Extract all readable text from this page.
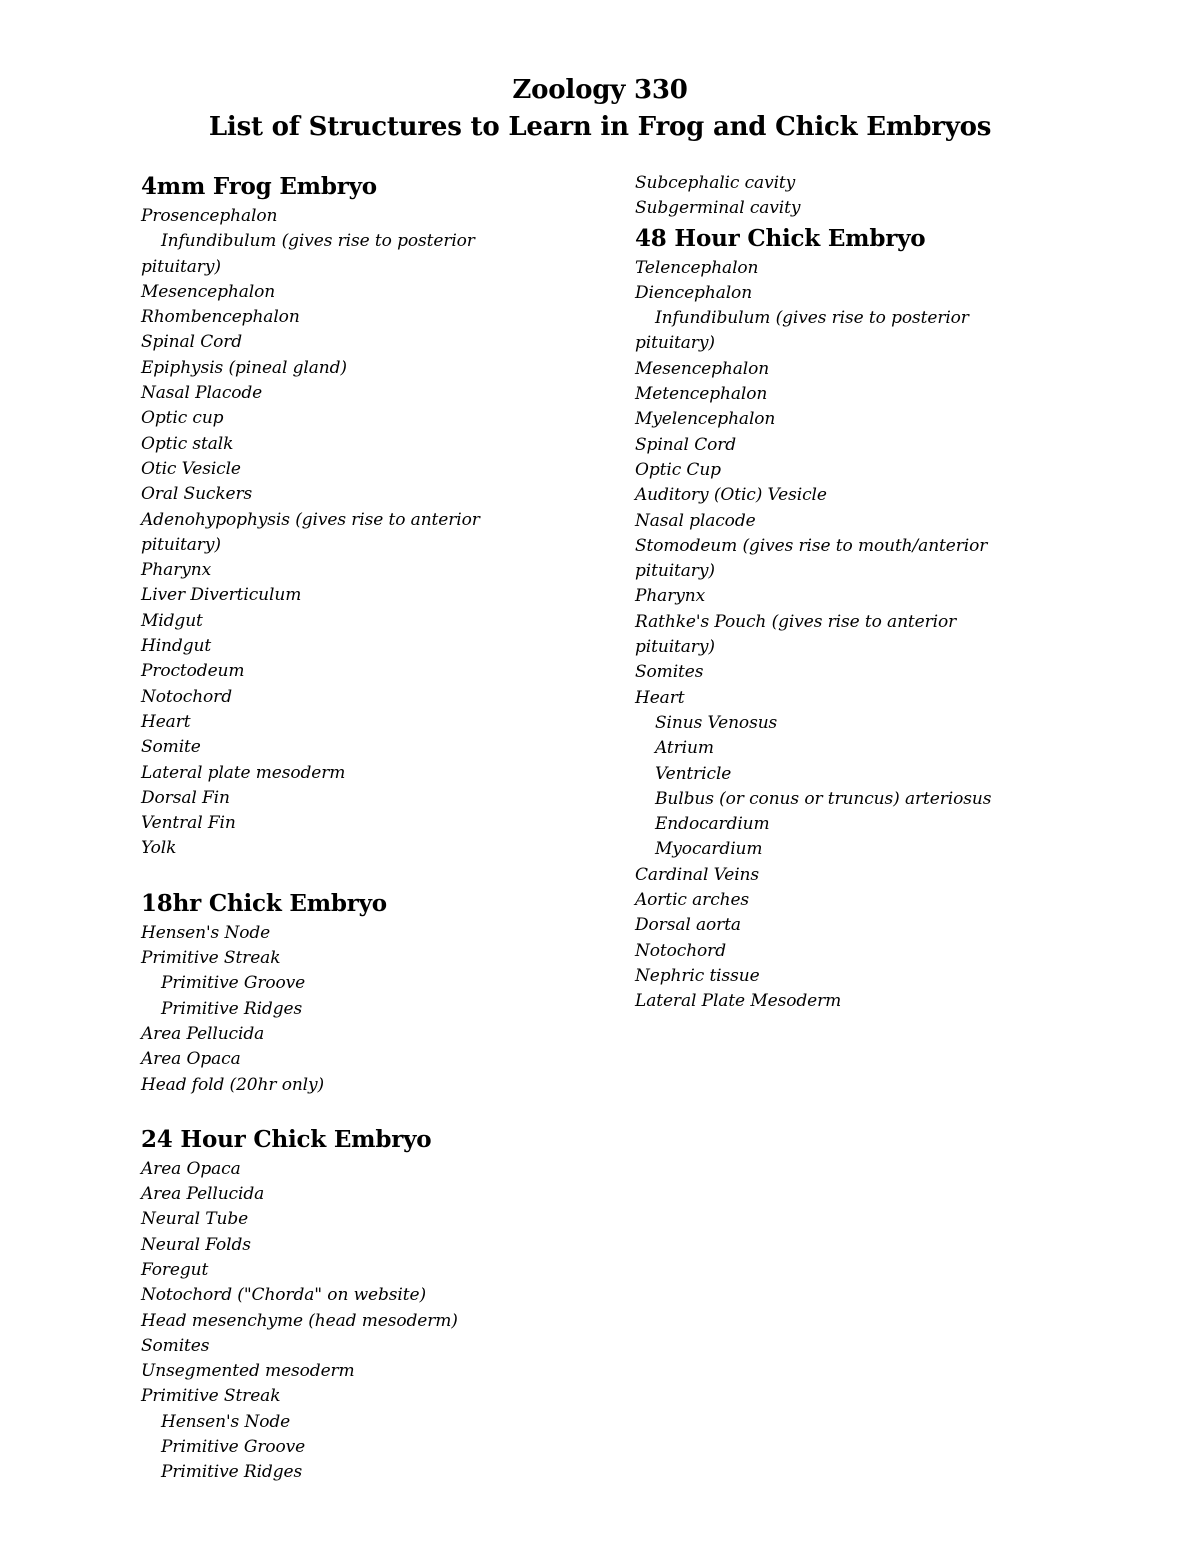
Zoology 330
List of Structures to Learn in Frog and Chick Embryos
4mm Frog Embryo
Prosencephalon
Infundibulum (gives rise to posterior
pituitary)
Mesencephalon
Rhombencephalon
Spinal Cord
Epiphysis (pineal gland)
Nasal Placode
Optic cup
Optic stalk
Otic Vesicle
Oral Suckers
Adenohypophysis (gives rise to anterior
pituitary)
Pharynx
Liver Diverticulum
Midgut
Hindgut
Proctodeum
Notochord
Heart
Somite
Lateral plate mesoderm
Dorsal Fin
Ventral Fin
Yolk
18hr Chick Embryo
Hensen's Node
Primitive Streak
Primitive Groove
Primitive Ridges
Area Pellucida
Area Opaca
Head fold (20hr only)
24 Hour Chick Embryo
Area Opaca
Area Pellucida
Neural Tube
Neural Folds
Foregut
Notochord ("Chorda" on website)
Head mesenchyme (head mesoderm)
Somites
Unsegmented mesoderm
Primitive Streak
Hensen's Node
Primitive Groove
Primitive Ridges
Subcephalic cavity
Subgerminal cavity
48 Hour Chick Embryo
Telencephalon
Diencephalon
Infundibulum (gives rise to posterior
pituitary)
Mesencephalon
Metencephalon
Myelencephalon
Spinal Cord
Optic Cup
Auditory (Otic) Vesicle
Nasal placode
Stomodeum (gives rise to mouth/anterior
pituitary)
Pharynx
Rathke's Pouch (gives rise to anterior
pituitary)
Somites
Heart
Sinus Venosus
Atrium
Ventricle
Bulbus (or conus or truncus) arteriosus
Endocardium
Myocardium
Cardinal Veins
Aortic arches
Dorsal aorta
Notochord
Nephric tissue
Lateral Plate Mesoderm
